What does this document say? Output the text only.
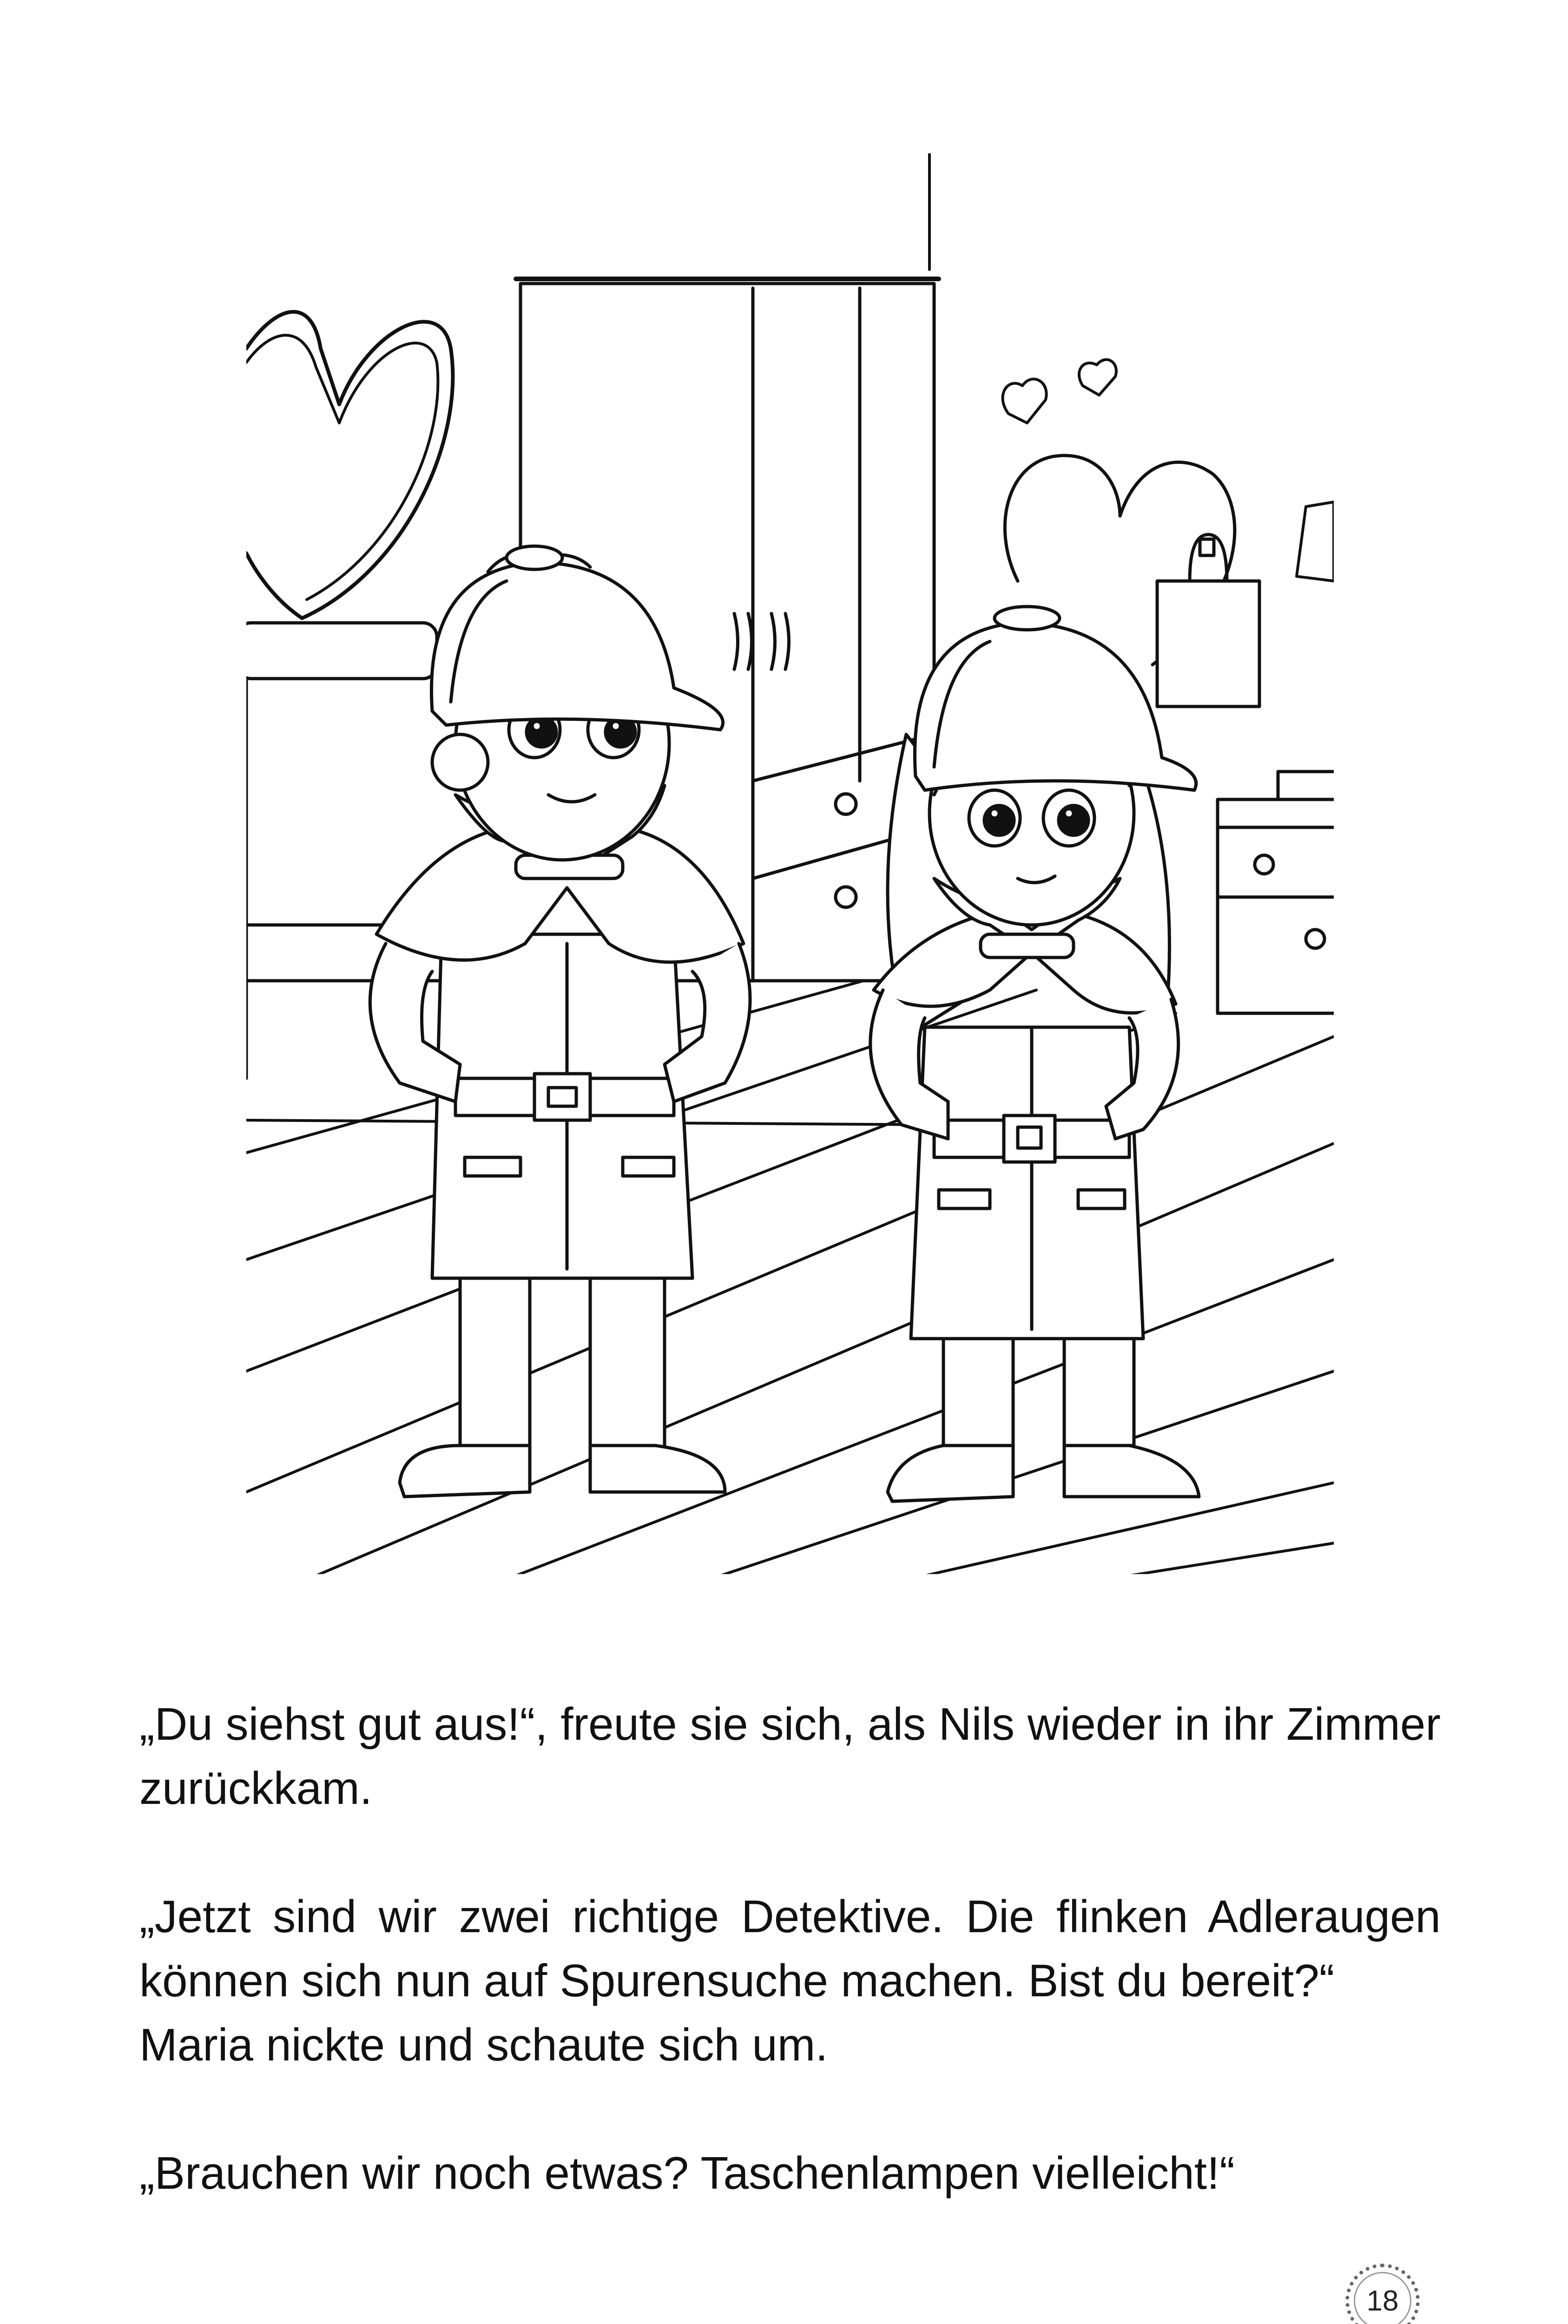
„Du siehst gut aus!“, freute sie sich, als Nils wieder in ihr Zimmer zurückkam.

„Jetzt sind wir zwei richtige Detektive. Die flinken Adleraugen können sich nun auf Spurensuche machen. Bist du bereit?“

Maria nickte und schaute sich um.

„Brauchen wir noch etwas? Taschenlampen vielleicht!“

18
